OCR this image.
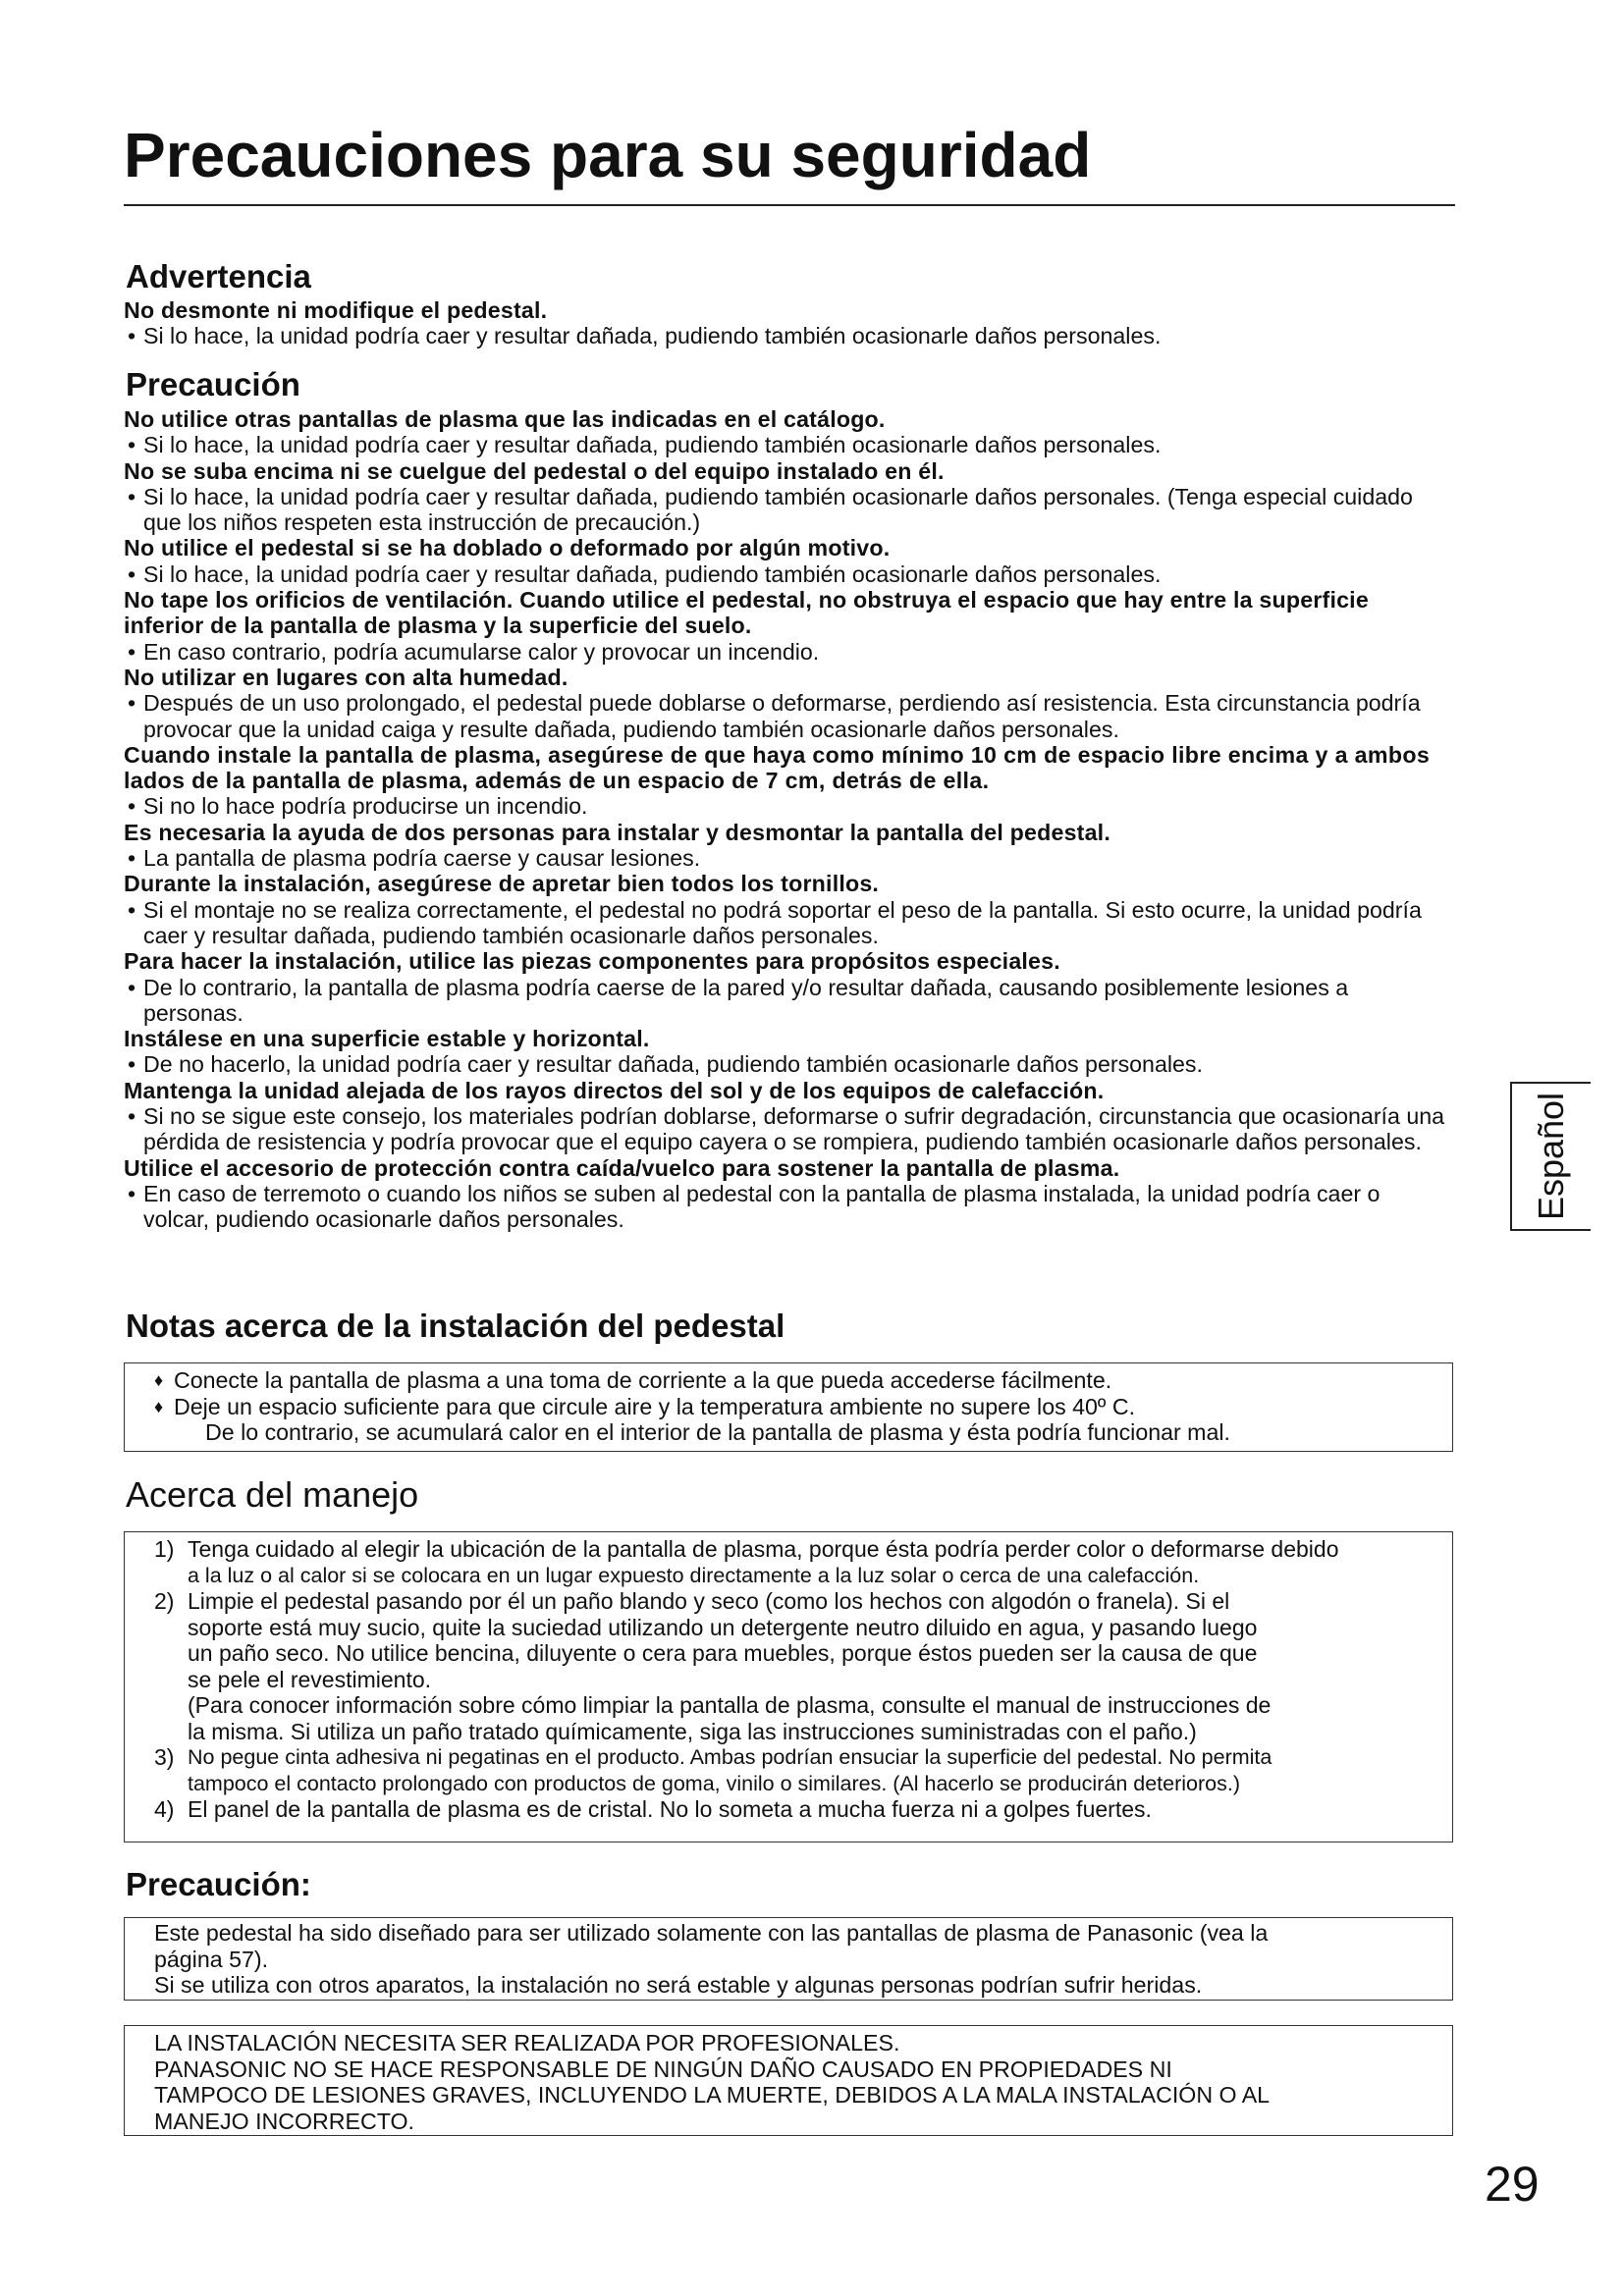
Precauciones para su seguridad
Advertencia
No desmonte ni modifique el pedestal.
• Si lo hace, la unidad podría caer y resultar dañada, pudiendo también ocasionarle daños personales.
Precaución
No utilice otras pantallas de plasma que las indicadas en el catálogo.
• Si lo hace, la unidad podría caer y resultar dañada, pudiendo también ocasionarle daños personales.
No se suba encima ni se cuelgue del pedestal o del equipo instalado en él.
• Si lo hace, la unidad podría caer y resultar dañada, pudiendo también ocasionarle daños personales. (Tenga especial cuidado que los niños respeten esta instrucción de precaución.)
No utilice el pedestal si se ha doblado o deformado por algún motivo.
• Si lo hace, la unidad podría caer y resultar dañada, pudiendo también ocasionarle daños personales.
No tape los orificios de ventilación. Cuando utilice el pedestal, no obstruya el espacio que hay entre la superficie inferior de la pantalla de plasma y la superficie del suelo.
• En caso contrario, podría acumularse calor y provocar un incendio.
No utilizar en lugares con alta humedad.
• Después de un uso prolongado, el pedestal puede doblarse o deformarse, perdiendo así resistencia. Esta circunstancia podría provocar que la unidad caiga y resulte dañada, pudiendo también ocasionarle daños personales.
Cuando instale la pantalla de plasma, asegúrese de que haya como mínimo 10 cm de espacio libre encima y a ambos lados de la pantalla de plasma, además de un espacio de 7 cm, detrás de ella.
• Si no lo hace podría producirse un incendio.
Es necesaria la ayuda de dos personas para instalar y desmontar la pantalla del pedestal.
• La pantalla de plasma podría caerse y causar lesiones.
Durante la instalación, asegúrese de apretar bien todos los tornillos.
• Si el montaje no se realiza correctamente, el pedestal no podrá soportar el peso de la pantalla. Si esto ocurre, la unidad podría caer y resultar dañada, pudiendo también ocasionarle daños personales.
Para hacer la instalación, utilice las piezas componentes para propósitos especiales.
• De lo contrario, la pantalla de plasma podría caerse de la pared y/o resultar dañada, causando posiblemente lesiones a personas.
Instálese en una superficie estable y horizontal.
• De no hacerlo, la unidad podría caer y resultar dañada, pudiendo también ocasionarle daños personales.
Mantenga la unidad alejada de los rayos directos del sol y de los equipos de calefacción.
• Si no se sigue este consejo, los materiales podrían doblarse, deformarse o sufrir degradación, circunstancia que ocasionaría una pérdida de resistencia y podría provocar que el equipo cayera o se rompiera, pudiendo también ocasionarle daños personales.
Utilice el accesorio de protección contra caída/vuelco para sostener la pantalla de plasma.
• En caso de terremoto o cuando los niños se suben al pedestal con la pantalla de plasma instalada, la unidad podría caer o volcar, pudiendo ocasionarle daños personales.
Notas acerca de la instalación del pedestal
♦ Conecte la pantalla de plasma a una toma de corriente a la que pueda accederse fácilmente.
♦ Deje un espacio suficiente para que circule aire y la temperatura ambiente no supere los 40º C.
De lo contrario, se acumulará calor en el interior de la pantalla de plasma y ésta podría funcionar mal.
Acerca del manejo
1) Tenga cuidado al elegir la ubicación de la pantalla de plasma, porque ésta podría perder color o deformarse debido
a la luz o al calor si se colocara en un lugar expuesto directamente a la luz solar o cerca de una calefacción.
2) Limpie el pedestal pasando por él un paño blando y seco (como los hechos con algodón o franela). Si el
soporte está muy sucio, quite la suciedad utilizando un detergente neutro diluido en agua, y pasando luego
un paño seco. No utilice bencina, diluyente o cera para muebles, porque éstos pueden ser la causa de que
se pele el revestimiento.
(Para conocer información sobre cómo limpiar la pantalla de plasma, consulte el manual de instrucciones de
la misma. Si utiliza un paño tratado químicamente, siga las instrucciones suministradas con el paño.)
3) No pegue cinta adhesiva ni pegatinas en el producto. Ambas podrían ensuciar la superficie del pedestal. No permita
tampoco el contacto prolongado con productos de goma, vinilo o similares. (Al hacerlo se producirán deterioros.)
4) El panel de la pantalla de plasma es de cristal. No lo someta a mucha fuerza ni a golpes fuertes.
Precaución:
Este pedestal ha sido diseñado para ser utilizado solamente con las pantallas de plasma de Panasonic (vea la
página 57).
Si se utiliza con otros aparatos, la instalación no será estable y algunas personas podrían sufrir heridas.
LA INSTALACIÓN NECESITA SER REALIZADA POR PROFESIONALES.
PANASONIC NO SE HACE RESPONSABLE DE NINGÚN DAÑO CAUSADO EN PROPIEDADES NI
TAMPOCO DE LESIONES GRAVES, INCLUYENDO LA MUERTE, DEBIDOS A LA MALA INSTALACIÓN O AL
MANEJO INCORRECTO.
Español
29
